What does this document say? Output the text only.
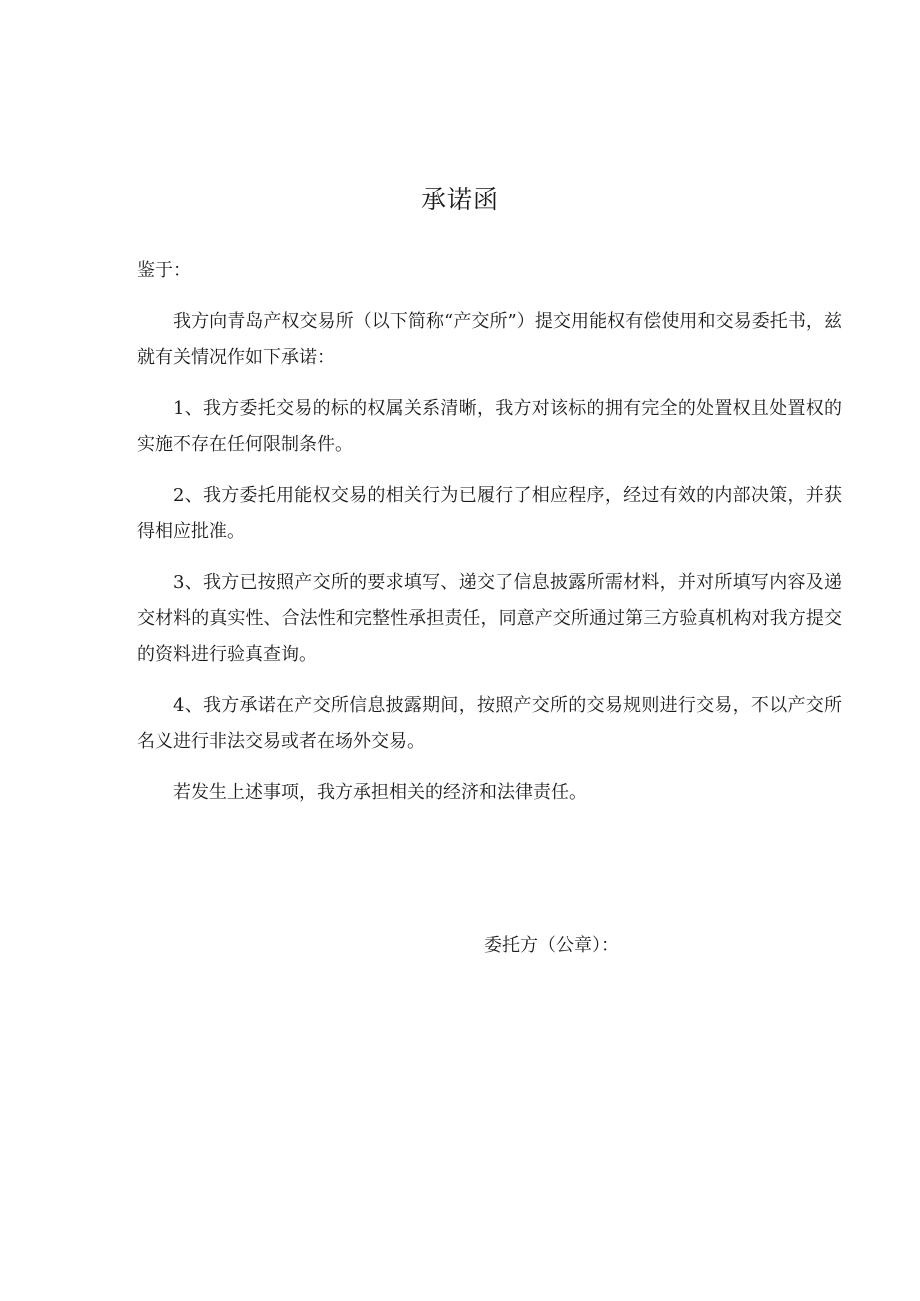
承诺函

鉴于：

我方向青岛产权交易所（以下简称“产交所”）提交用能权有偿使用和交易委托书，兹就有关情况作如下承诺：

1、我方委托交易的标的权属关系清晰，我方对该标的拥有完全的处置权且处置权的实施不存在任何限制条件。

2、我方委托用能权交易的相关行为已履行了相应程序，经过有效的内部决策，并获得相应批准。

3、我方已按照产交所的要求填写、递交了信息披露所需材料，并对所填写内容及递交材料的真实性、合法性和完整性承担责任，同意产交所通过第三方验真机构对我方提交的资料进行验真查询。

4、我方承诺在产交所信息披露期间，按照产交所的交易规则进行交易，不以产交所名义进行非法交易或者在场外交易。

若发生上述事项，我方承担相关的经济和法律责任。

委托方（公章）：
